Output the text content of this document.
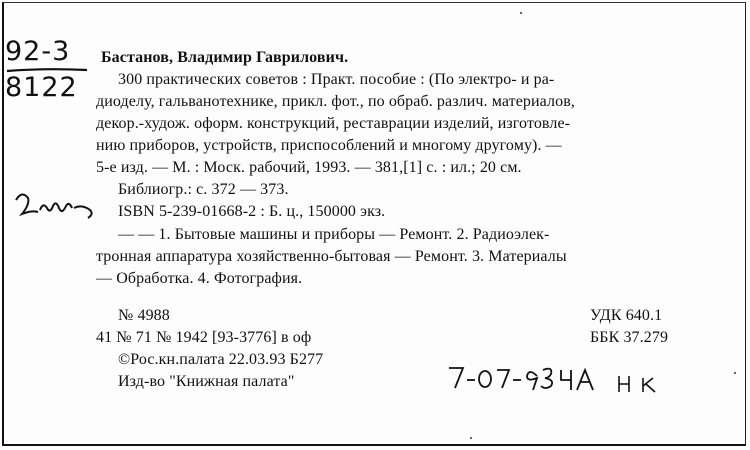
92-3
8122
Бастанов, Владимир Гаврилович.
300 практических советов : Практ. пособие : (По электро- и ра-
диоделу, гальванотехнике, прикл. фот., по обраб. различ. материалов,
декор.-худож. оформ. конструкций, реставрации изделий, изготовле-
нию приборов, устройств, приспособлений и многому другому). —
5-е изд. — М. : Моск. рабочий, 1993. — 381,[1] с. : ил.; 20 см.
Библиогр.: с. 372 — 373.
ISBN 5-239-01668-2 : Б. ц., 150000 экз.
— — 1. Бытовые машины и приборы — Ремонт. 2. Радиоэлек-
тронная аппаратура хозяйственно-бытовая — Ремонт. 3. Материалы
— Обработка. 4. Фотография.
№ 4988
41 № 71 № 1942 [93-3776] в оф
©Рос.кн.палата 22.03.93 Б277
Изд-во "Книжная палата"
УДК 640.1
ББК 37.279
